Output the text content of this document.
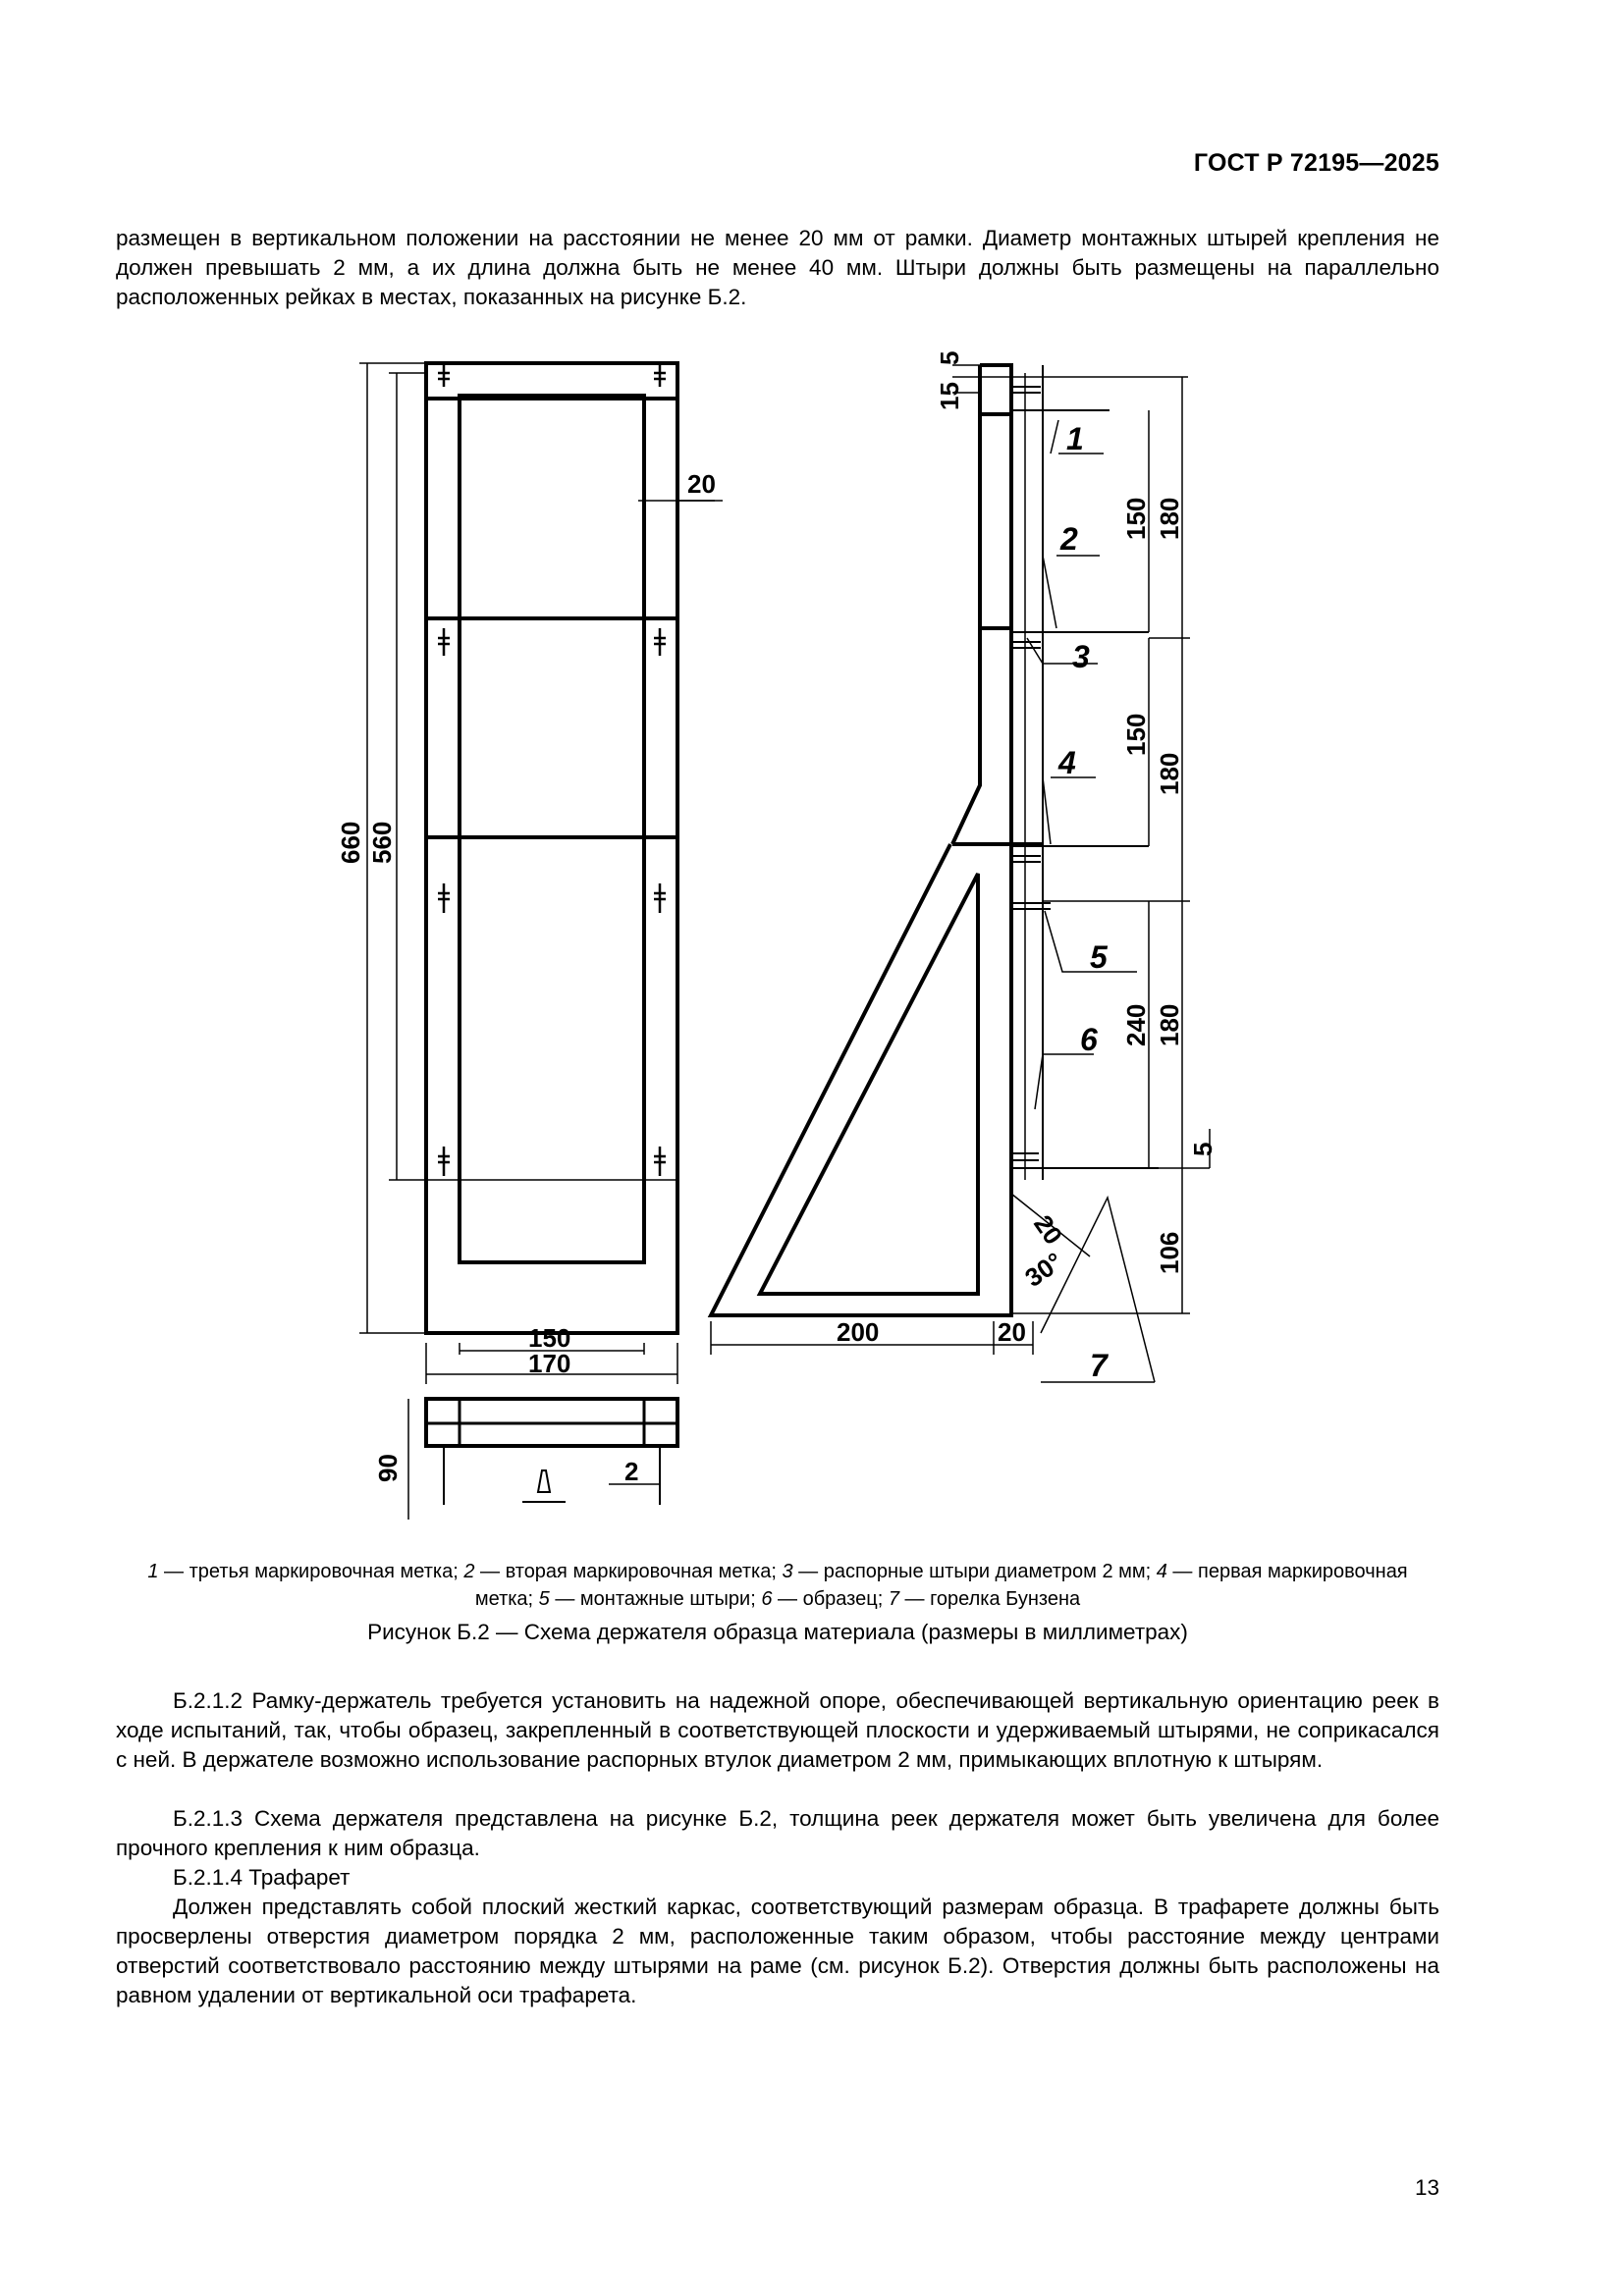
ГОСТ Р 72195—2025

размещен в вертикальном положении на расстоянии не менее 20 мм от рамки. Диаметр монтажных штырей крепления не должен превышать 2 мм, а их длина должна быть не менее 40 мм. Штыри должны быть размещены на параллельно расположенных рейках в местах, показанных на рисунке Б.2.

20
660 560
150
170
90	2
5
15
150 180
150
180
240 180
5
106
200	20
20
30°
1
2
3
4
5
6
7

1 — третья маркировочная метка; 2 — вторая маркировочная метка; 3 — распорные штыри диаметром 2 мм; 4 — первая маркировочная метка; 5 — монтажные штыри; 6 — образец; 7 — горелка Бунзена

Рисунок Б.2 — Схема держателя образца материала (размеры в миллиметрах)

Б.2.1.2 Рамку-держатель требуется установить на надежной опоре, обеспечивающей вертикальную ориентацию реек в ходе испытаний, так, чтобы образец, закрепленный в соответствующей плоскости и удерживаемый штырями, не соприкасался с ней. В держателе возможно использование распорных втулок диаметром 2 мм, примыкающих вплотную к штырям.

Б.2.1.3 Схема держателя представлена на рисунке Б.2, толщина реек держателя может быть увеличена для более прочного крепления к ним образца.

Б.2.1.4 Трафарет

Должен представлять собой плоский жесткий каркас, соответствующий размерам образца. В трафарете должны быть просверлены отверстия диаметром порядка 2 мм, расположенные таким образом, чтобы расстояние между центрами отверстий соответствовало расстоянию между штырями на раме (см. рисунок Б.2). Отверстия должны быть расположены на равном удалении от вертикальной оси трафарета.

13
